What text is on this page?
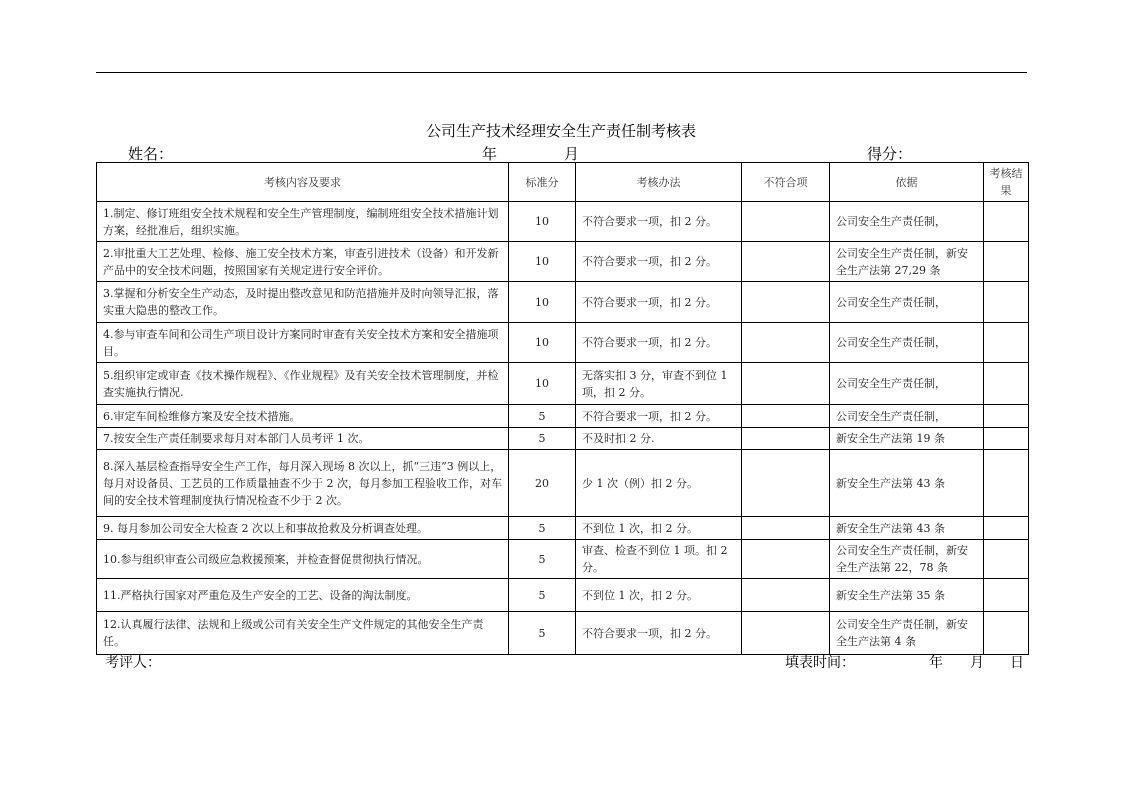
公司生产技术经理安全生产责任制考核表
姓名：	年	月	得分：
考核内容及要求	标准分	考核办法	不符合项	依据	考核结果
1.制定、修订班组安全技术规程和安全生产管理制度，编制班组安全技术措施计划方案，经批准后，组织实施。	10	不符合要求一项，扣 2 分。		公司安全生产责任制，	
2.审批重大工艺处理、检修、施工安全技术方案，审查引进技术（设备）和开发新产品中的安全技术问题，按照国家有关规定进行安全评价。	10	不符合要求一项，扣 2 分。		公司安全生产责任制，新安全生产法第 27,29 条	
3.掌握和分析安全生产动态，及时提出整改意见和防范措施并及时向领导汇报，落实重大隐患的整改工作。	10	不符合要求一项，扣 2 分。		公司安全生产责任制，	
4.参与审查车间和公司生产项目设计方案同时审查有关安全技术方案和安全措施项目。	10	不符合要求一项，扣 2 分。		公司安全生产责任制，	
5.组织审定或审查《技术操作规程》、《作业规程》及有关安全技术管理制度，并检查实施执行情况.	10	无落实扣 3 分，审查不到位 1 项，扣 2 分。		公司安全生产责任制，	
6.审定车间检维修方案及安全技术措施。	5	不符合要求一项，扣 2 分。		公司安全生产责任制，	
7.按安全生产责任制要求每月对本部门人员考评 1 次。	5	不及时扣 2 分.		新安全生产法第 19 条	
8.深入基层检查指导安全生产工作，每月深入现场 8 次以上，抓“三违”3 例以上，每月对设备员、工艺员的工作质量抽查不少于 2 次，每月参加工程验收工作，对车间的安全技术管理制度执行情况检查不少于 2 次。	20	少 1 次（例）扣 2 分。		新安全生产法第 43 条	
9. 每月参加公司安全大检查 2 次以上和事故抢救及分析调查处理。	5	不到位 1 次，扣 2 分。		新安全生产法第 43 条	
10.参与组织审查公司级应急救援预案，并检查督促贯彻执行情况。	5	审查、检查不到位 1 项。扣 2 分。		公司安全生产责任制，新安全生产法第 22，78 条	
11.严格执行国家对严重危及生产安全的工艺、设备的淘汰制度。	5	不到位 1 次，扣 2 分。		新安全生产法第 35 条	
12.认真履行法律、法规和上级或公司有关安全生产文件规定的其他安全生产责任。	5	不符合要求一项，扣 2 分。		公司安全生产责任制，新安全生产法第 4 条	
考评人：	填表时间：	年 月 日
